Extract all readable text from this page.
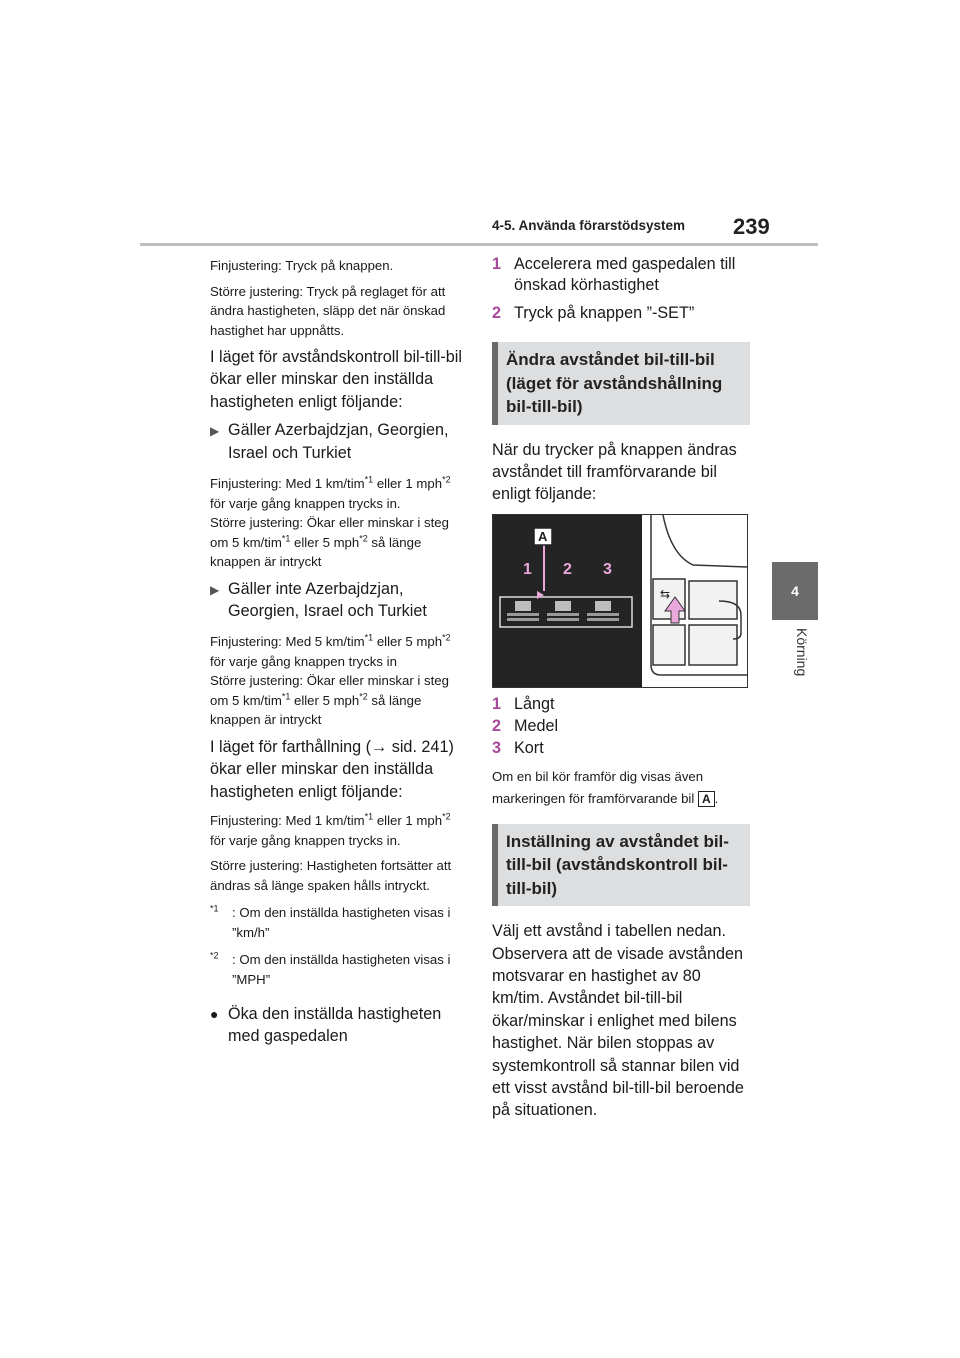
4-5. Använda förarstödsystem 239
4
Körning

Finjustering: Tryck på knappen.

Större justering: Tryck på reglaget för att ändra hastigheten, släpp det när önskad hastighet har uppnåtts.

I läget för avståndskontroll bil-till-bil ökar eller minskar den inställda hastigheten enligt följande:

▶ Gäller Azerbajdzjan, Georgien, Israel och Turkiet

Finjustering: Med 1 km/tim$^{*1}$ eller 1 mph$^{*2}$ för varje gång knappen trycks in.
Större justering: Ökar eller minskar i steg om 5 km/tim$^{*1}$ eller 5 mph$^{*2}$ så länge knappen är intryckt

▶ Gäller inte Azerbajdzjan, Georgien, Israel och Turkiet

Finjustering: Med 5 km/tim$^{*1}$ eller 5 mph$^{*2}$ för varje gång knappen trycks in
Större justering: Ökar eller minskar i steg om 5 km/tim$^{*1}$ eller 5 mph$^{*2}$ så länge knappen är intryckt

I läget för farthållning (→ sid. 241) ökar eller minskar den inställda hastigheten enligt följande:

Finjustering: Med 1 km/tim$^{*1}$ eller 1 mph$^{*2}$ för varje gång knappen trycks in.

Större justering: Hastigheten fortsätter att ändras så länge spaken hålls intryckt.

$^{*1}$	: Om den inställda hastigheten visas i ”km/h”
$^{*2}$	: Om den inställda hastigheten visas i ”MPH”
● Öka den inställda hastigheten med gaspedalen
1 Accelerera med gaspedalen till önskad körhastighet
2 Tryck på knappen ”-SET”
Ändra avståndet bil-till-bil (läget för avståndshållning bil-till-bil)

När du trycker på knappen ändras avståndet till framförvarande bil enligt följande:

⇆
A
1 2 3
1 Långt
2 Medel
3 Kort

Om en bil kör framför dig visas även markeringen för framförvarande bil A .

Inställning av avståndet bil-till-bil (avståndskontroll bil-till-bil)

Välj ett avstånd i tabellen nedan. Observera att de visade avstånden motsvarar en hastighet av 80 km/tim. Avståndet bil-till-bil ökar/minskar i enlighet med bilens hastighet. När bilen stoppas av systemkontroll så stannar bilen vid ett visst avstånd bil-till-bil beroende på situationen.
